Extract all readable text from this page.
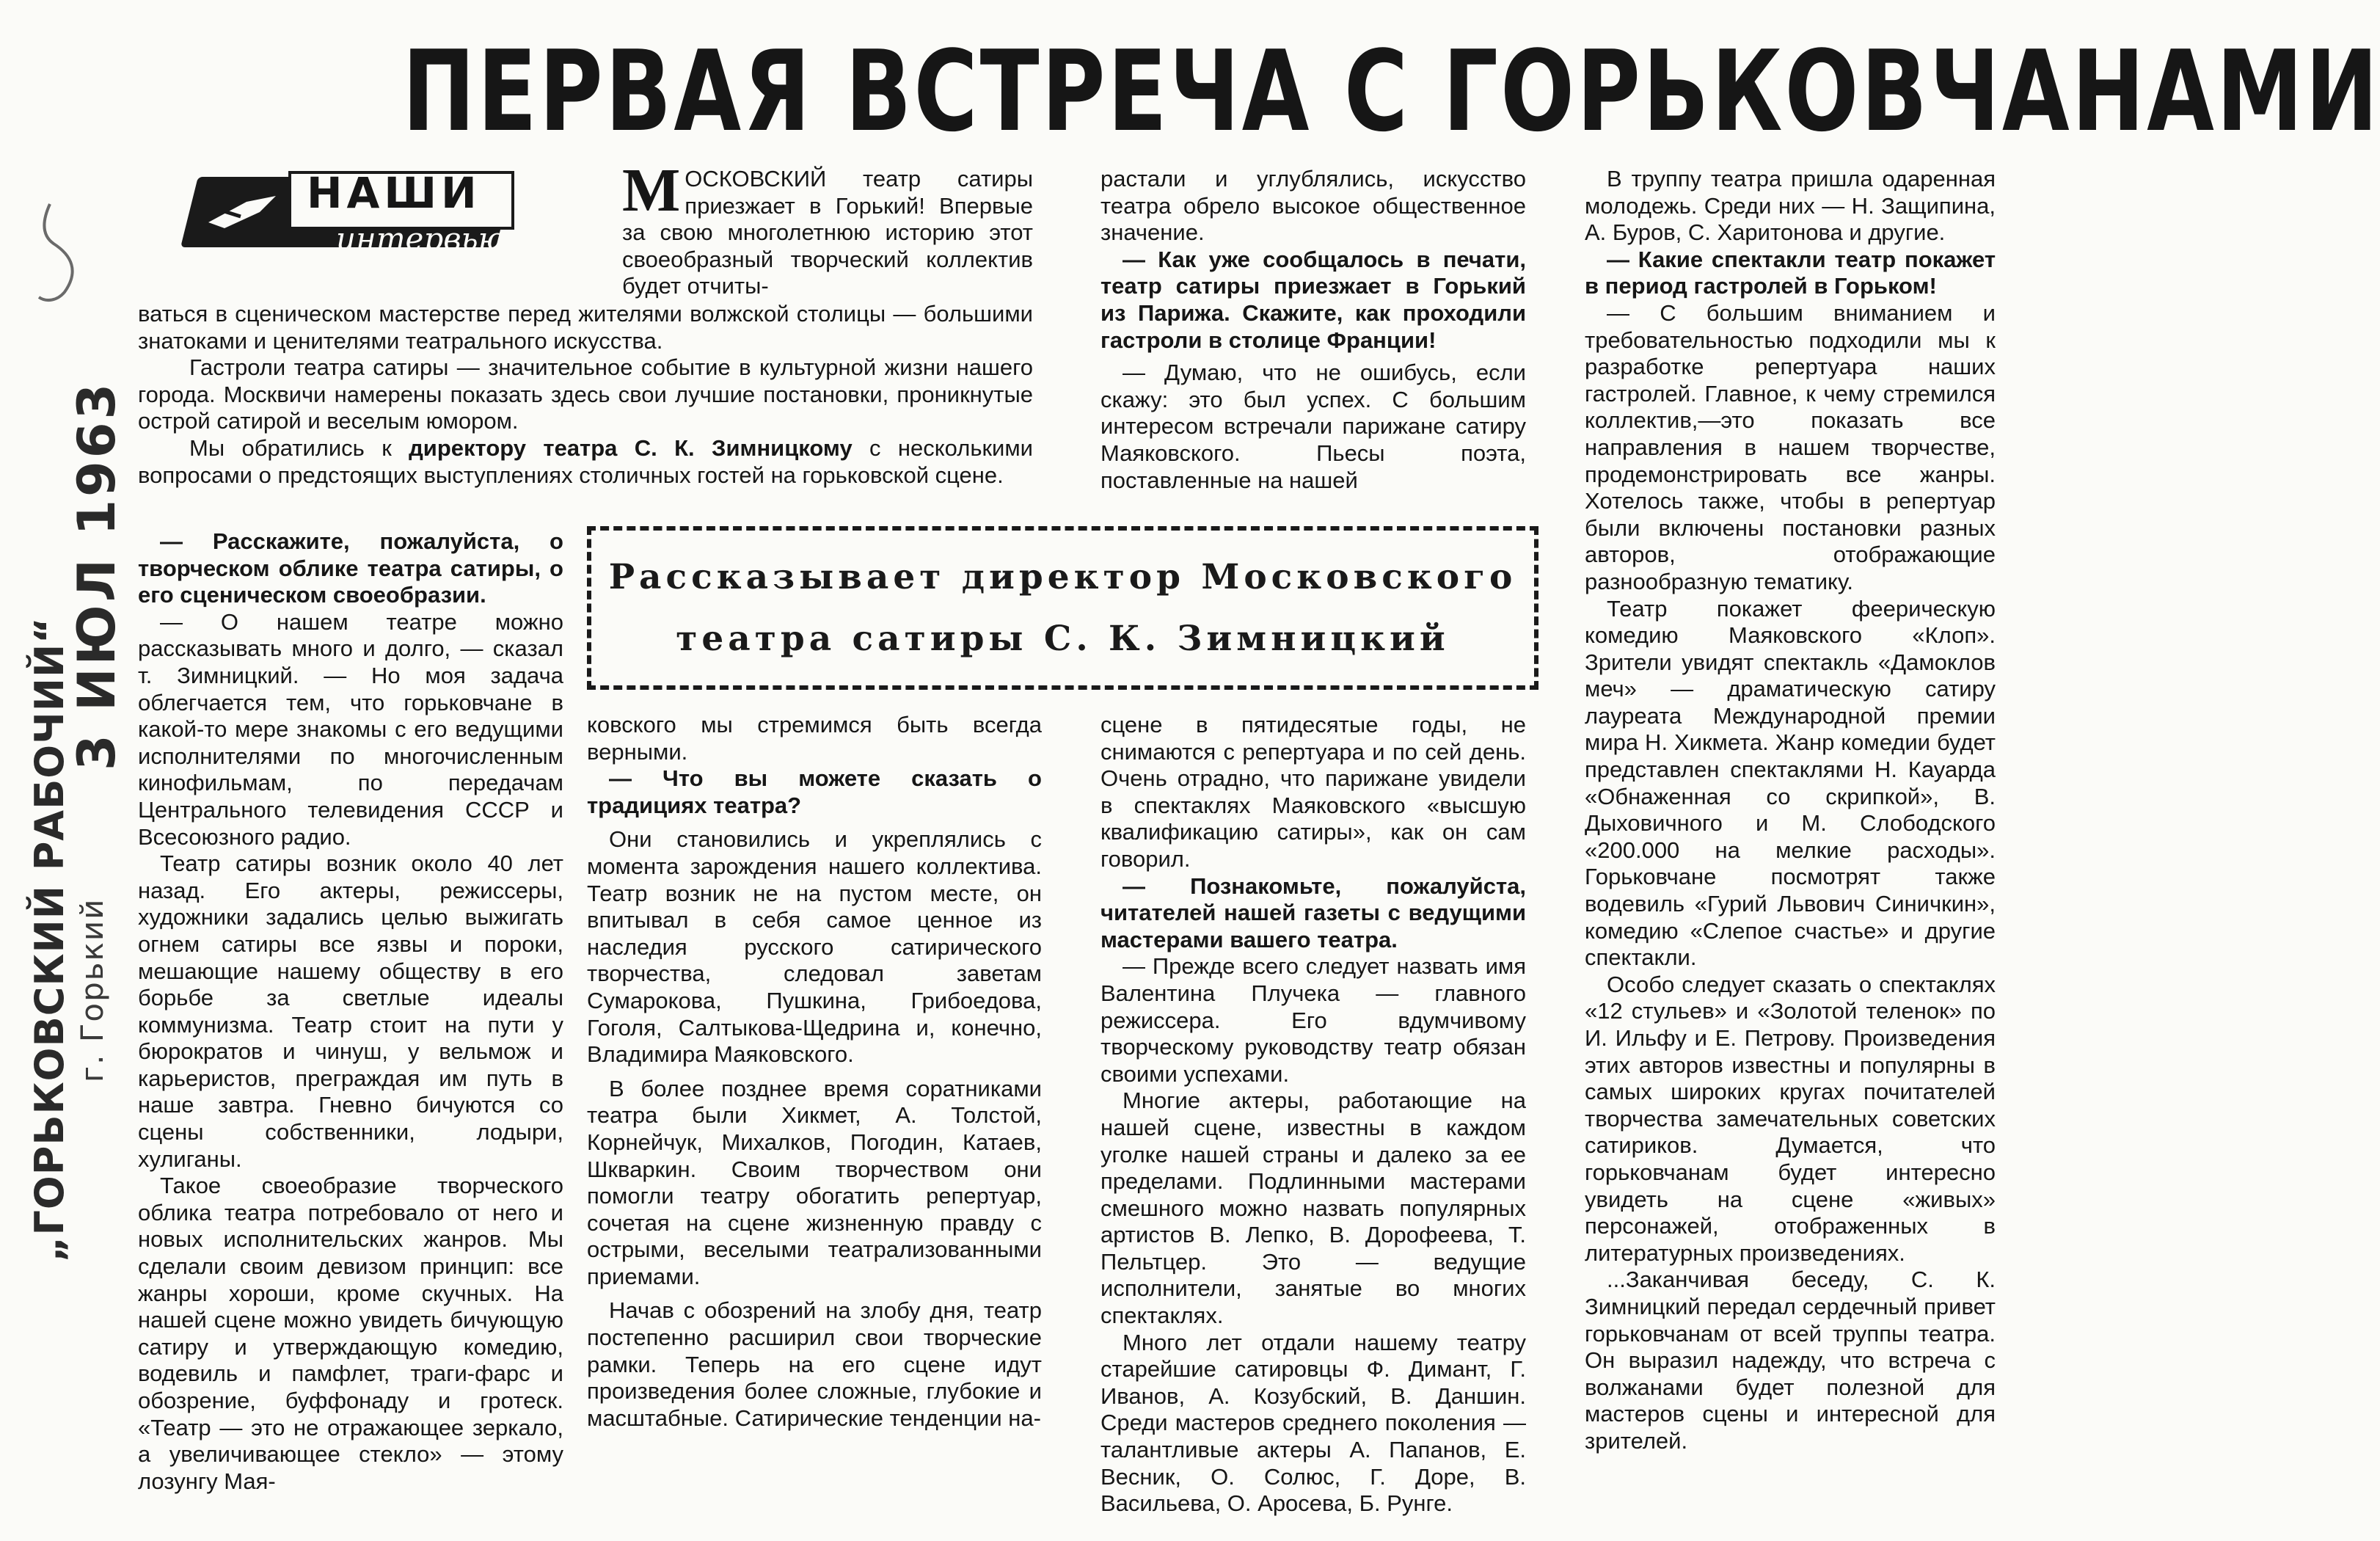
ПЕРВАЯ ВСТРЕЧА С ГОРЬКОВЧАНАМИ
НАШИ
интервью

МОСКОВСКИЙ театр сатиры приезжает в Горький! Впервые за свою многолетнюю историю этот своеобразный творческий коллектив будет отчиты-

ваться в сценическом мастерстве перед жителями волжской столицы — большими знатоками и ценителями театрального искусства.

Гастроли театра сатиры — значительное событие в культурной жизни нашего города. Москвичи намерены показать здесь свои лучшие постановки, проникнутые острой сатирой и веселым юмором.

Мы обратились к директору театра С. К. Зимницкому с несколькими вопросами о предстоящих выступлениях столичных гостей на горьковской сцене.

— Расскажите, пожалуйста, о творческом облике театра сатиры, о его сценическом своеобразии.

— О нашем театре можно рассказывать много и долго, — сказал т. Зимницкий. — Но моя задача облегчается тем, что горьковчане в какой-то мере знакомы с его ведущими исполнителями по многочисленным кинофильмам, по передачам Центрального телевидения СССР и Всесоюзного радио.

Театр сатиры возник около 40 лет назад. Его актеры, режиссеры, художники задались целью выжигать огнем сатиры все язвы и пороки, мешающие нашему обществу в его борьбе за светлые идеалы коммунизма. Театр стоит на пути у бюрократов и чинуш, у вельмож и карьеристов, преграждая им путь в наше завтра. Гневно бичуются со сцены собственники, лодыри, хулиганы.

Такое своеобразие творческого облика театра потребовало от него и новых исполнительских жанров. Мы сделали своим девизом принцип: все жанры хороши, кроме скучных. На нашей сцене можно увидеть бичующую сатиру и утверждающую комедию, водевиль и памфлет, траги-фарс и обозрение, буффонаду и гротеск. «Театр — это не отражающее зеркало, а увеличивающее стекло» — этому лозунгу Мая-

Рассказывает директор Московского
театра сатиры С. К. Зимницкий

ковского мы стремимся быть всегда верными.

— Что вы можете сказать о традициях театра?

Они становились и укреплялись с момента зарождения нашего коллектива. Театр возник не на пустом месте, он впитывал в себя самое ценное из наследия русского сатирического творчества, следовал заветам Сумарокова, Пушкина, Грибоедова, Гоголя, Салтыкова-Щедрина и, конечно, Владимира Маяковского.

В более позднее время соратниками театра были Хикмет, А. Толстой, Корнейчук, Михалков, Погодин, Катаев, Шкваркин. Своим творчеством они помогли театру обогатить репертуар, сочетая на сцене жизненную правду с острыми, веселыми театрализованными приемами.

Начав с обозрений на злобу дня, театр постепенно расширил свои творческие рамки. Теперь на его сцене идут произведения более сложные, глубокие и масштабные. Сатирические тенденции на-

растали и углублялись, искусство театра обрело высокое общественное значение.

— Как уже сообщалось в печати, театр сатиры приезжает в Горький из Парижа. Скажите, как проходили гастроли в столице Франции!

— Думаю, что не ошибусь, если скажу: это был успех. С большим интересом встречали парижане сатиру Маяковского. Пьесы поэта, поставленные на нашей

сцене в пятидесятые годы, не снимаются с репертуара и по сей день. Очень отрадно, что парижане увидели в спектаклях Маяковского «высшую квалификацию сатиры», как он сам говорил.

— Познакомьте, пожалуйста, читателей нашей газеты с ведущими мастерами вашего театра.

— Прежде всего следует назвать имя Валентина Плучека — главного режиссера. Его вдумчивому творческому руководству театр обязан своими успехами.

Многие актеры, работающие на нашей сцене, известны в каждом уголке нашей страны и далеко за ее пределами. Подлинными мастерами смешного можно назвать популярных артистов В. Лепко, В. Дорофеева, Т. Пельтцер. Это — ведущие исполнители, занятые во многих спектаклях.

Много лет отдали нашему театру старейшие сатировцы Ф. Димант, Г. Иванов, А. Козубский, В. Даншин. Среди мастеров среднего поколения — талантливые актеры А. Папанов, Е. Весник, О. Солюс, Г. Доре, В. Васильева, О. Аросева, Б. Рунге.

В труппу театра пришла одаренная молодежь. Среди них — Н. Защипина, А. Буров, С. Харитонова и другие.

— Какие спектакли театр покажет в период гастролей в Горьком!

— С большим вниманием и требовательностью подходили мы к разработке репертуара наших гастролей. Главное, к чему стремился коллектив,—это показать все направления в нашем творчестве, продемонстрировать все жанры. Хотелось также, чтобы в репертуар были включены постановки разных авторов, отображающие разнообразную тематику.

Театр покажет феерическую комедию Маяковского «Клоп». Зрители увидят спектакль «Дамоклов меч» — драматическую сатиру лауреата Международной премии мира Н. Хикмета. Жанр комедии будет представлен спектаклями Н. Кауарда «Обнаженная со скрипкой», В. Дыховичного и М. Слободского «200.000 на мелкие расходы». Горьковчане посмотрят также водевиль «Гурий Львович Синичкин», комедию «Слепое счастье» и другие спектакли.

Особо следует сказать о спектаклях «12 стульев» и «Золотой теленок» по И. Ильфу и Е. Петрову. Произведения этих авторов известны и популярны в самых широких кругах почитателей творчества замечательных советских сатириков. Думается, что горьковчанам будет интересно увидеть на сцене «живых» персонажей, отображенных в литературных произведениях.

...Заканчивая беседу, С. К. Зимницкий передал сердечный привет горьковчанам от всей труппы театра. Он выразил надежду, что встреча с волжанами будет полезной для мастеров сцены и интересной для зрителей.

„ГОРЬКОВСКИЙ РАБОЧИЙ“ г. Горький
3 ИЮЛ 1963
